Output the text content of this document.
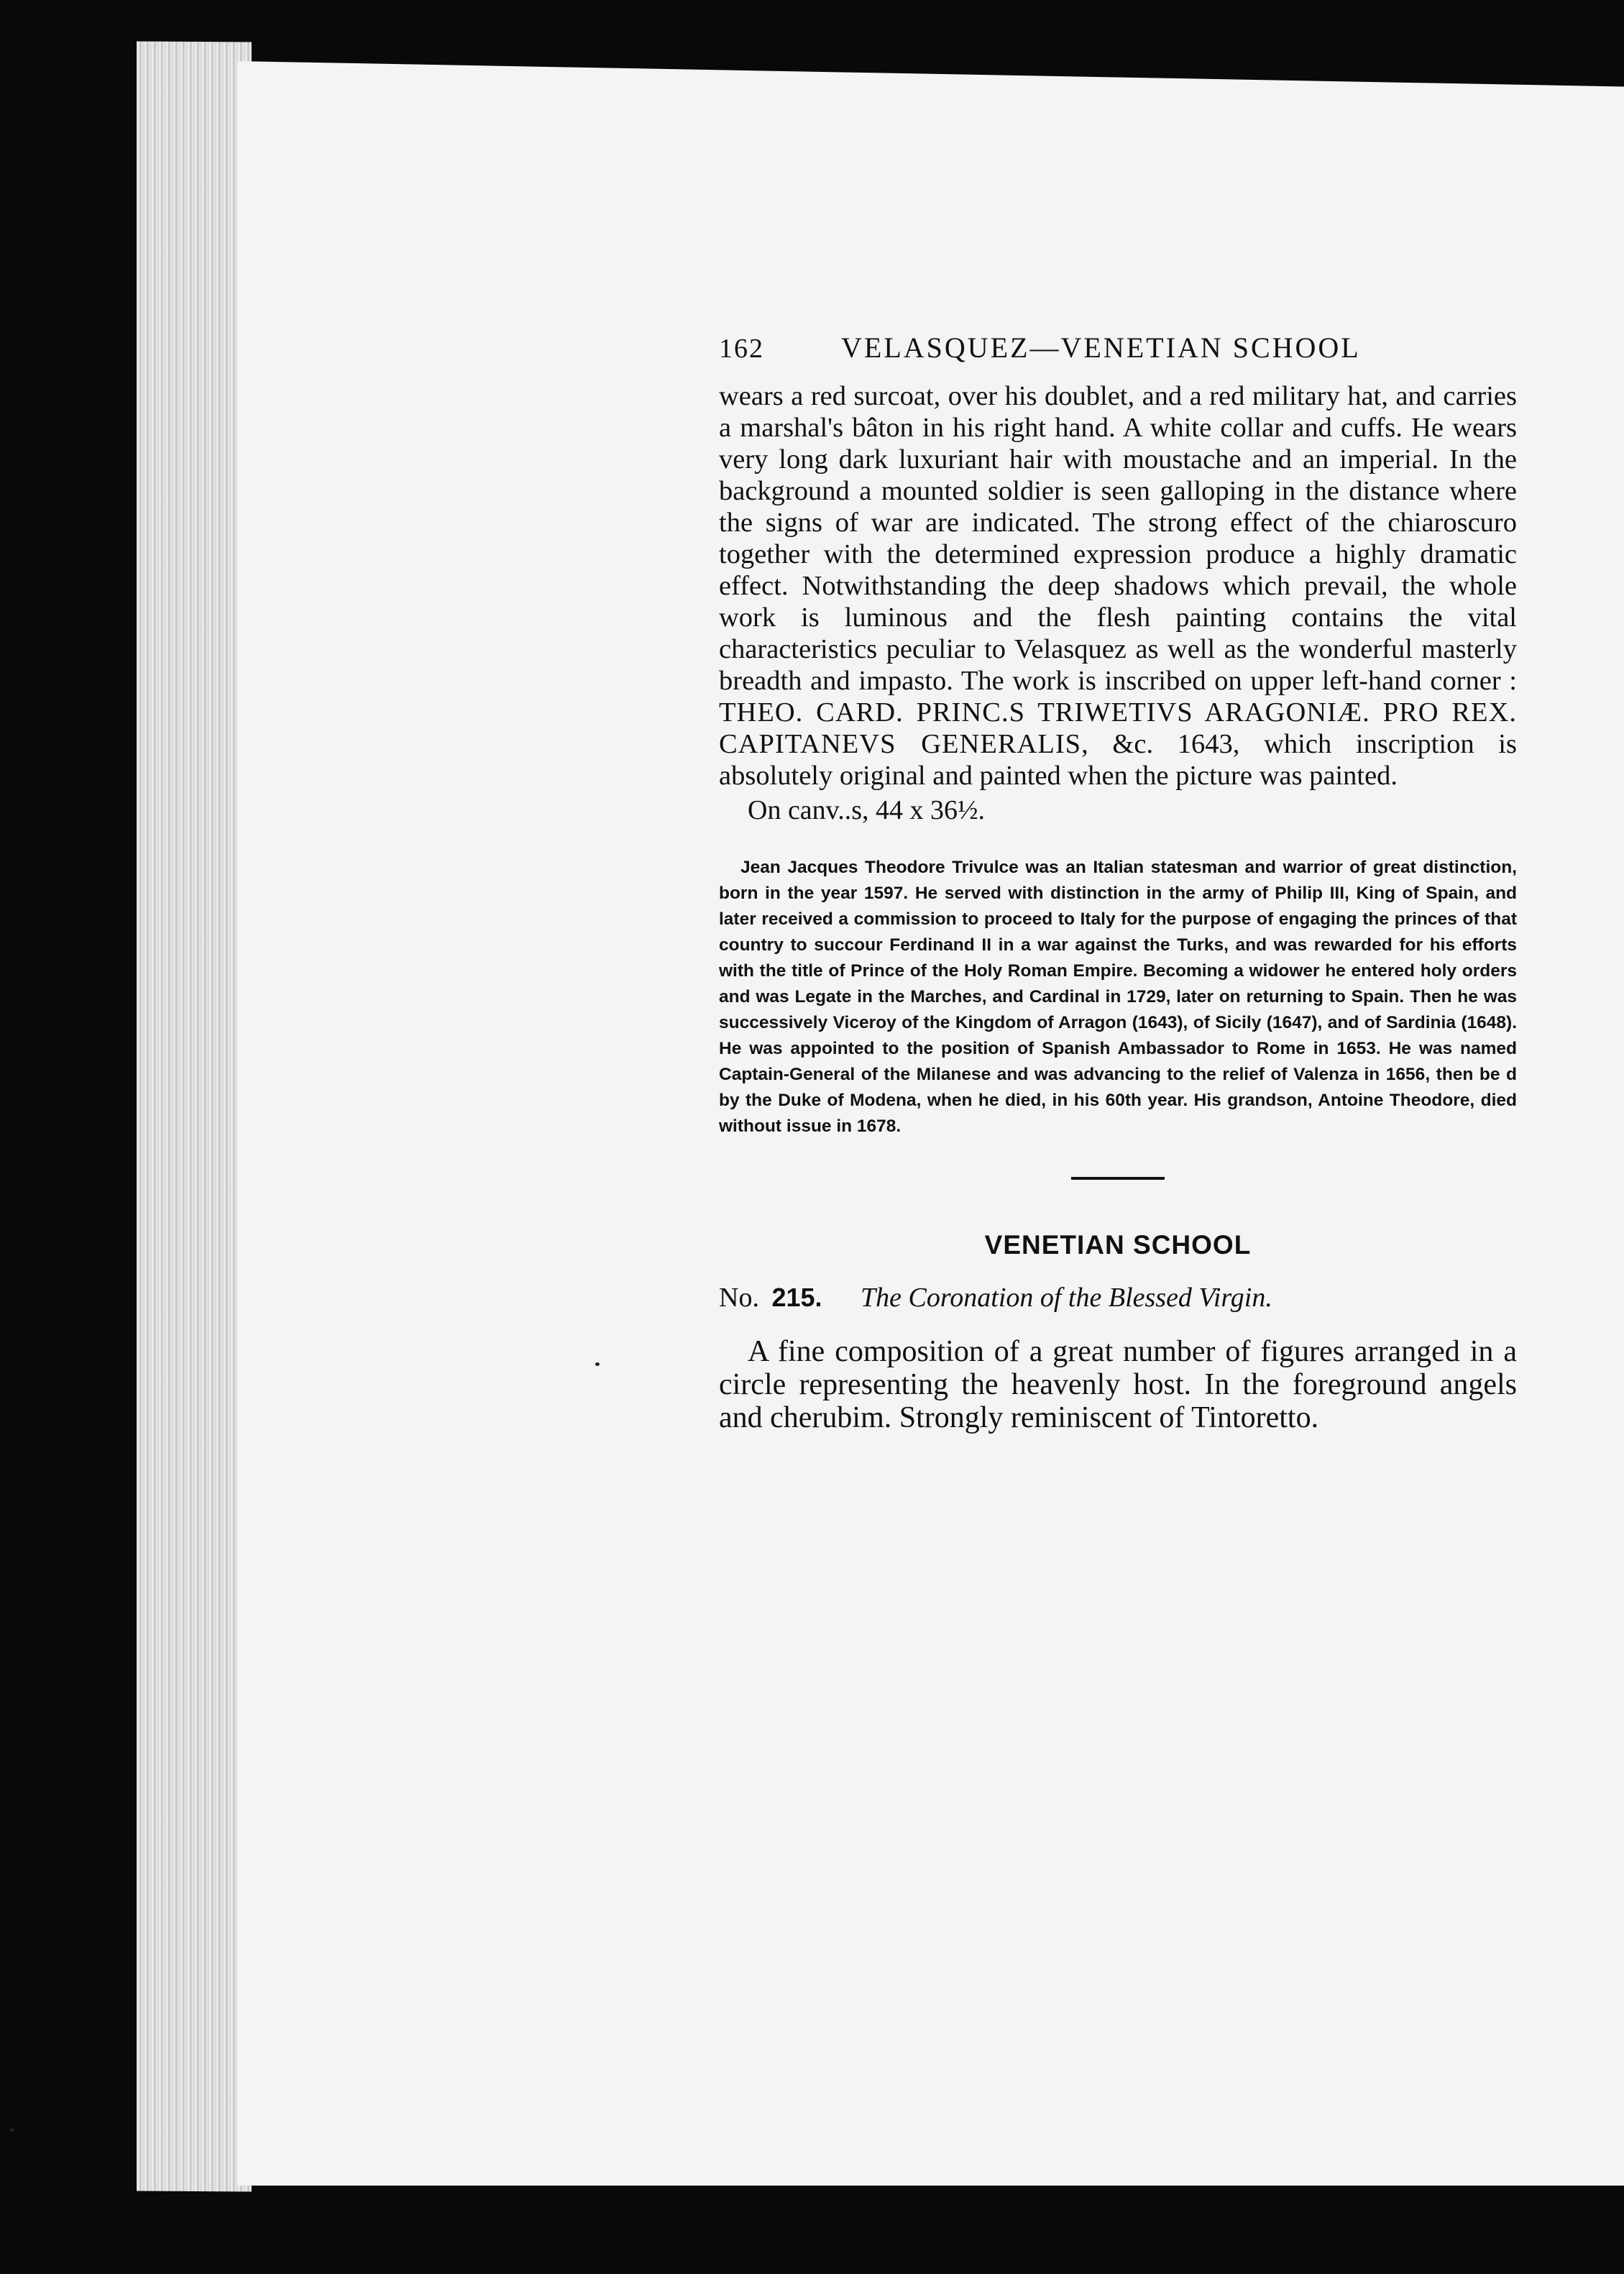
162	VELASQUEZ—VENETIAN SCHOOL

wears a red surcoat, over his doublet, and a red military hat, and carries a marshal's bâton in his right hand. A white collar and cuffs. He wears very long dark luxuriant hair with moustache and an imperial. In the background a mounted soldier is seen galloping in the distance where the signs of war are indicated. The strong effect of the chiaroscuro together with the determined expression produce a highly dramatic effect. Notwithstanding the deep shadows which prevail, the whole work is luminous and the flesh painting contains the vital characteristics peculiar to Velasquez as well as the wonderful masterly breadth and impasto. The work is inscribed on upper left-hand corner : THEO. CARD. PRINC.S TRIWETIVS ARAGONIÆ. PRO REX. CAPITANEVS GENERALIS, &c. 1643, which inscription is absolutely original and painted when the picture was painted.

On canv..s, 44 x 36½.

Jean Jacques Theodore Trivulce was an Italian statesman and warrior of great distinction, born in the year 1597. He served with distinction in the army of Philip III, King of Spain, and later received a commission to proceed to Italy for the purpose of engaging the princes of that country to succour Ferdinand II in a war against the Turks, and was rewarded for his efforts with the title of Prince of the Holy Roman Empire. Becoming a widower he entered holy orders and was Legate in the Marches, and Cardinal in 1729, later on returning to Spain. Then he was successively Viceroy of the Kingdom of Arragon (1643), of Sicily (1647), and of Sardinia (1648). He was appointed to the position of Spanish Ambassador to Rome in 1653. He was named Captain-General of the Milanese and was advancing to the relief of Valenza in 1656, then be d by the Duke of Modena, when he died, in his 60th year. His grandson, Antoine Theodore, died without issue in 1678.

VENETIAN SCHOOL

No. 215. The Coronation of the Blessed Virgin.

A fine composition of a great number of figures arranged in a circle representing the heavenly host. In the foreground angels and cherubim. Strongly reminiscent of Tintoretto.
